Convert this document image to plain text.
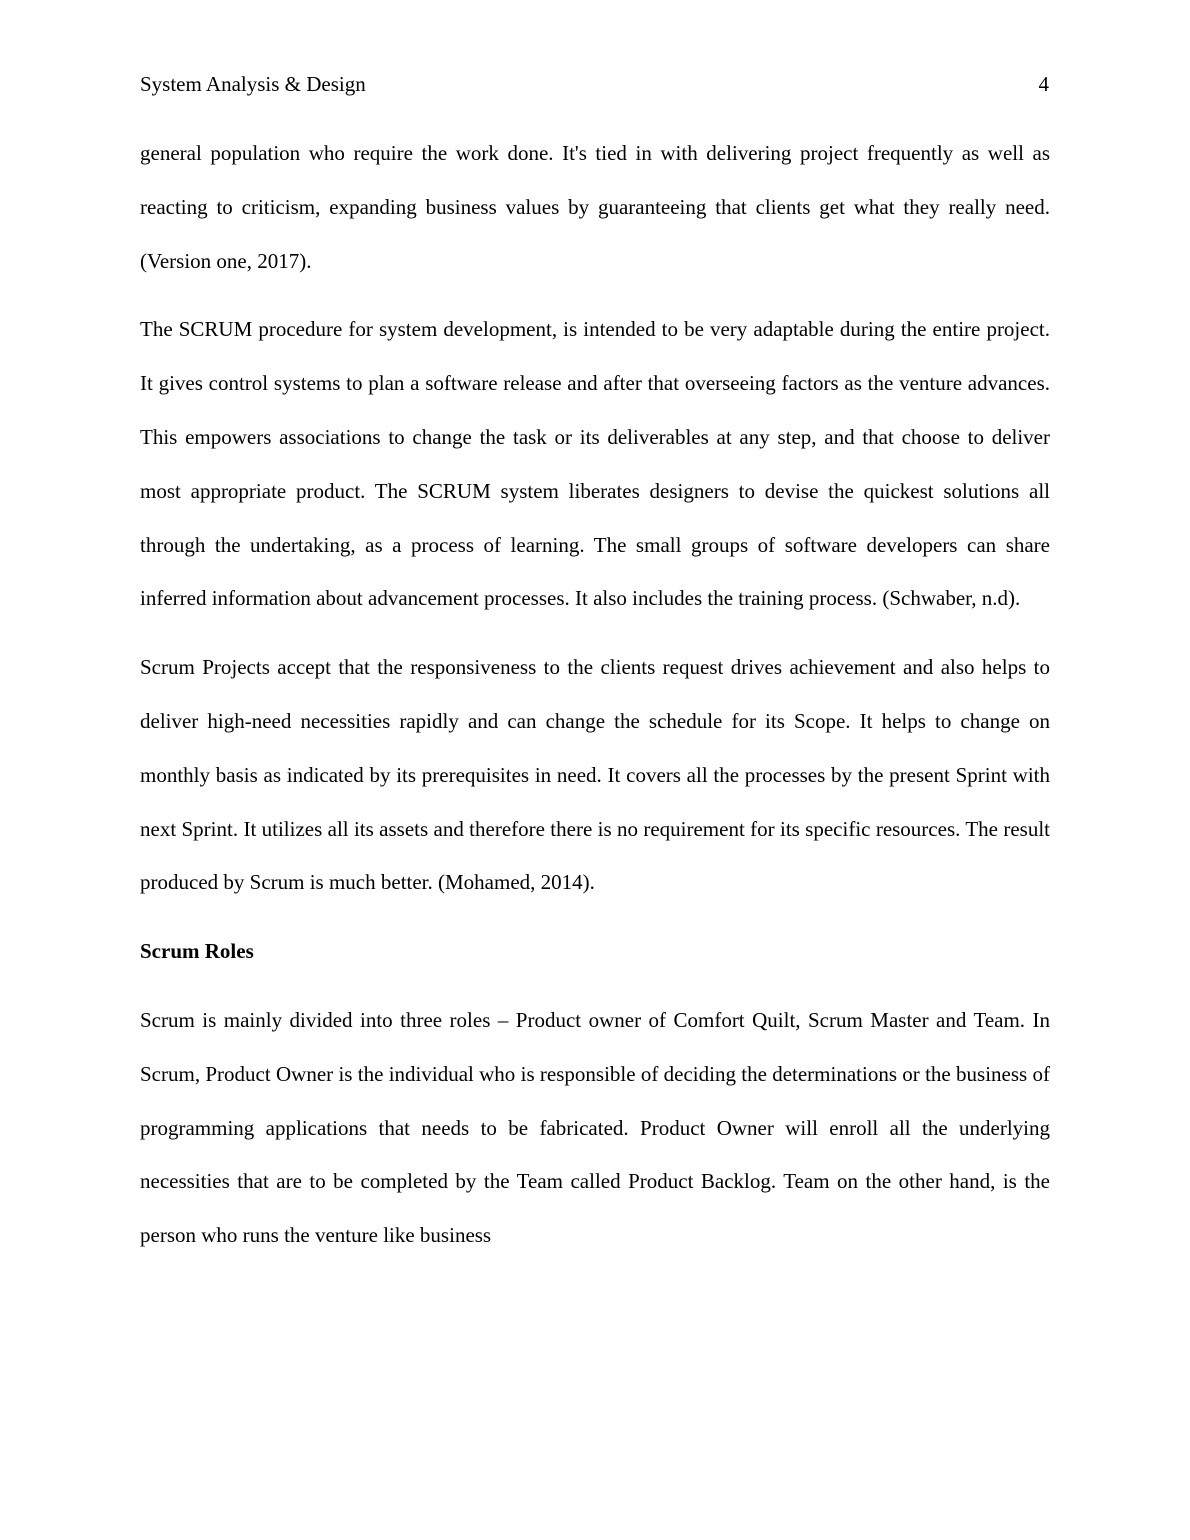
System Analysis & Design	4

general population who require the work done. It's tied in with delivering project frequently as well as reacting to criticism, expanding business values by guaranteeing that clients get what they really need. (Version one, 2017).

The SCRUM procedure for system development, is intended to be very adaptable during the entire project. It gives control systems to plan a software release and after that overseeing factors as the venture advances. This empowers associations to change the task or its deliverables at any step, and that choose to deliver most appropriate product. The SCRUM system liberates designers to devise the quickest solutions all through the undertaking, as a process of learning. The small groups of software developers can share inferred information about advancement processes. It also includes the training process. (Schwaber, n.d).

Scrum Projects accept that the responsiveness to the clients request drives achievement and also helps to deliver high-need necessities rapidly and can change the schedule for its Scope. It helps to change on monthly basis as indicated by its prerequisites in need. It covers all the processes by the present Sprint with next Sprint. It utilizes all its assets and therefore there is no requirement for its specific resources. The result produced by Scrum is much better. (Mohamed, 2014).

Scrum Roles

Scrum is mainly divided into three roles – Product owner of Comfort Quilt, Scrum Master and Team. In Scrum, Product Owner is the individual who is responsible of deciding the determinations or the business of programming applications that needs to be fabricated. Product Owner will enroll all the underlying necessities that are to be completed by the Team called Product Backlog. Team on the other hand, is the person who runs the venture like business
